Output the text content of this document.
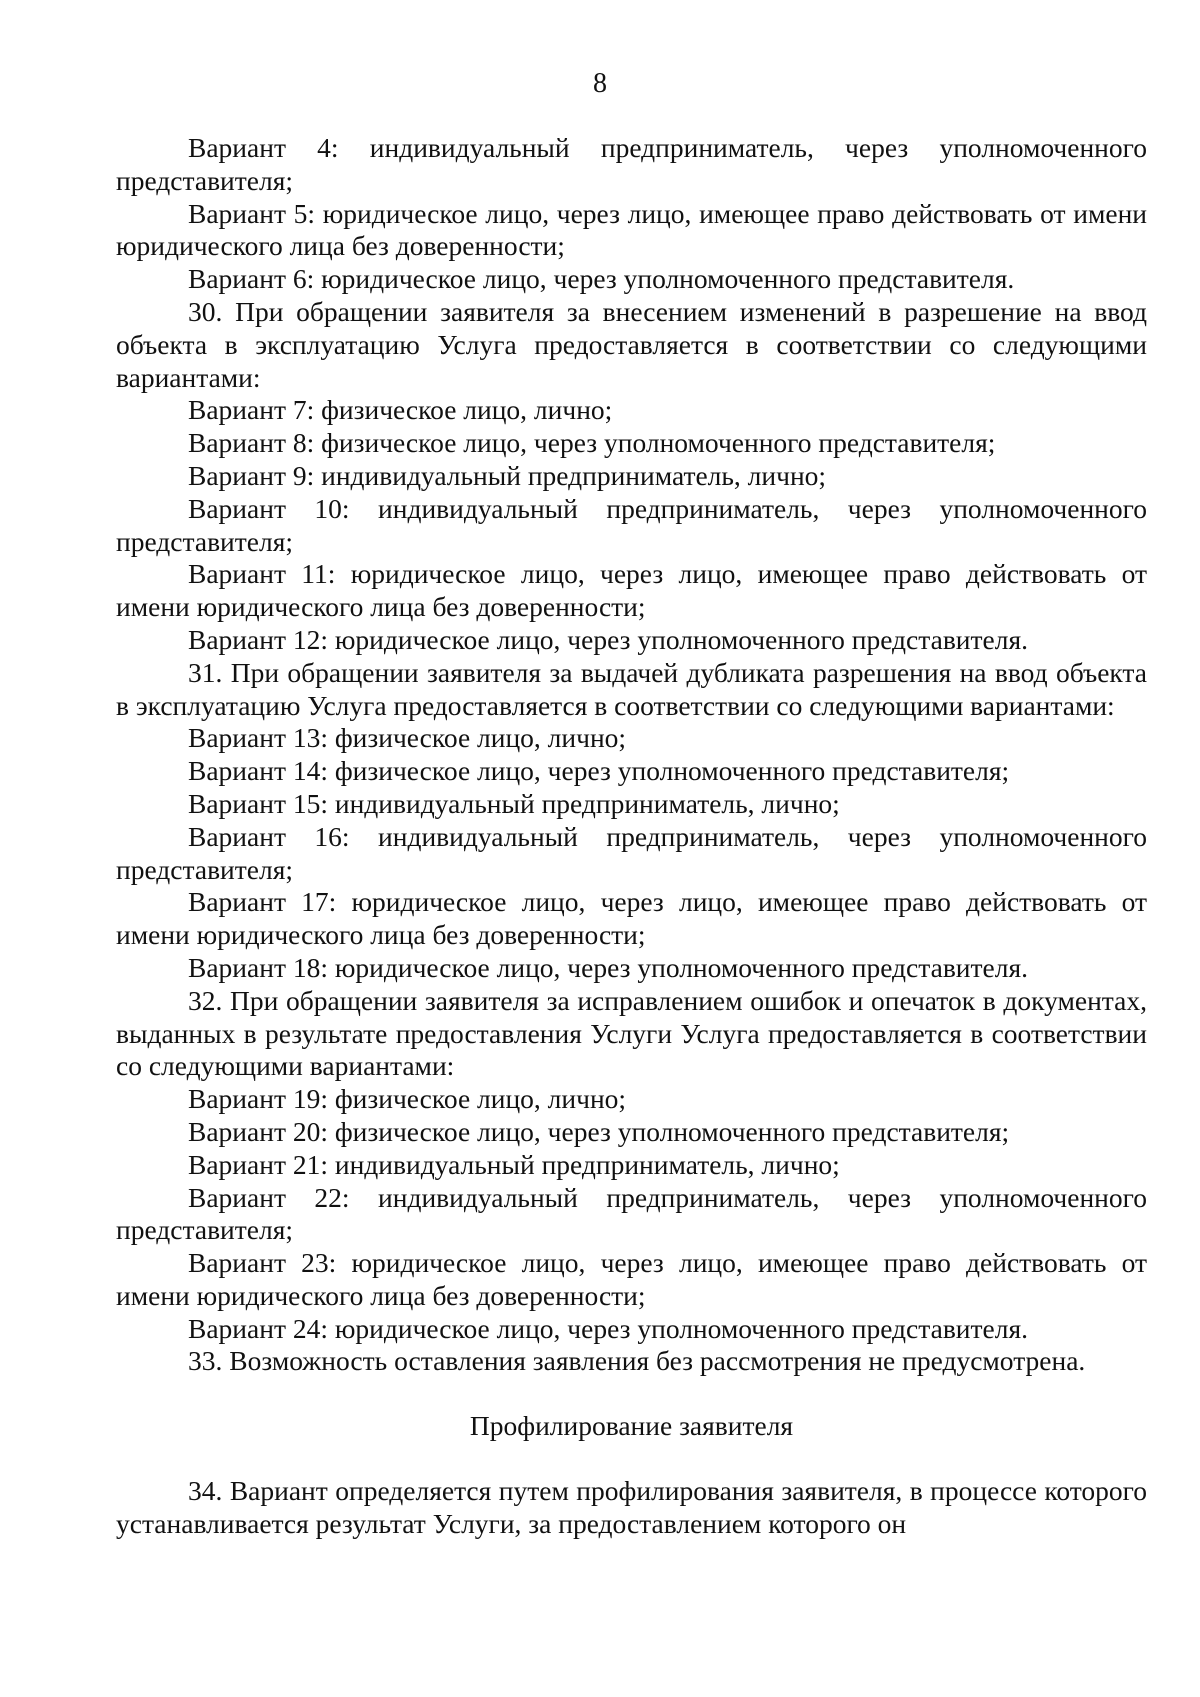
8

Вариант 4: индивидуальный предприниматель, через уполномоченного представителя;

Вариант 5: юридическое лицо, через лицо, имеющее право действовать от имени юридического лица без доверенности;

Вариант 6: юридическое лицо, через уполномоченного представителя.

30. При обращении заявителя за внесением изменений в разрешение на ввод объекта в эксплуатацию Услуга предоставляется в соответствии со следующими вариантами:

Вариант 7: физическое лицо, лично;

Вариант 8: физическое лицо, через уполномоченного представителя;

Вариант 9: индивидуальный предприниматель, лично;

Вариант 10: индивидуальный предприниматель, через уполномоченного представителя;

Вариант 11: юридическое лицо, через лицо, имеющее право действовать от имени юридического лица без доверенности;

Вариант 12: юридическое лицо, через уполномоченного представителя.

31. При обращении заявителя за выдачей дубликата разрешения на ввод объекта в эксплуатацию Услуга предоставляется в соответствии со следующими вариантами:

Вариант 13: физическое лицо, лично;

Вариант 14: физическое лицо, через уполномоченного представителя;

Вариант 15: индивидуальный предприниматель, лично;

Вариант 16: индивидуальный предприниматель, через уполномоченного представителя;

Вариант 17: юридическое лицо, через лицо, имеющее право действовать от имени юридического лица без доверенности;

Вариант 18: юридическое лицо, через уполномоченного представителя.

32. При обращении заявителя за исправлением ошибок и опечаток в документах, выданных в результате предоставления Услуги Услуга предоставляется в соответствии со следующими вариантами:

Вариант 19: физическое лицо, лично;

Вариант 20: физическое лицо, через уполномоченного представителя;

Вариант 21: индивидуальный предприниматель, лично;

Вариант 22: индивидуальный предприниматель, через уполномоченного представителя;

Вариант 23: юридическое лицо, через лицо, имеющее право действовать от имени юридического лица без доверенности;

Вариант 24: юридическое лицо, через уполномоченного представителя.

33. Возможность оставления заявления без рассмотрения не предусмотрена.

Профилирование заявителя

34. Вариант определяется путем профилирования заявителя, в процессе которого устанавливается результат Услуги, за предоставлением которого он
